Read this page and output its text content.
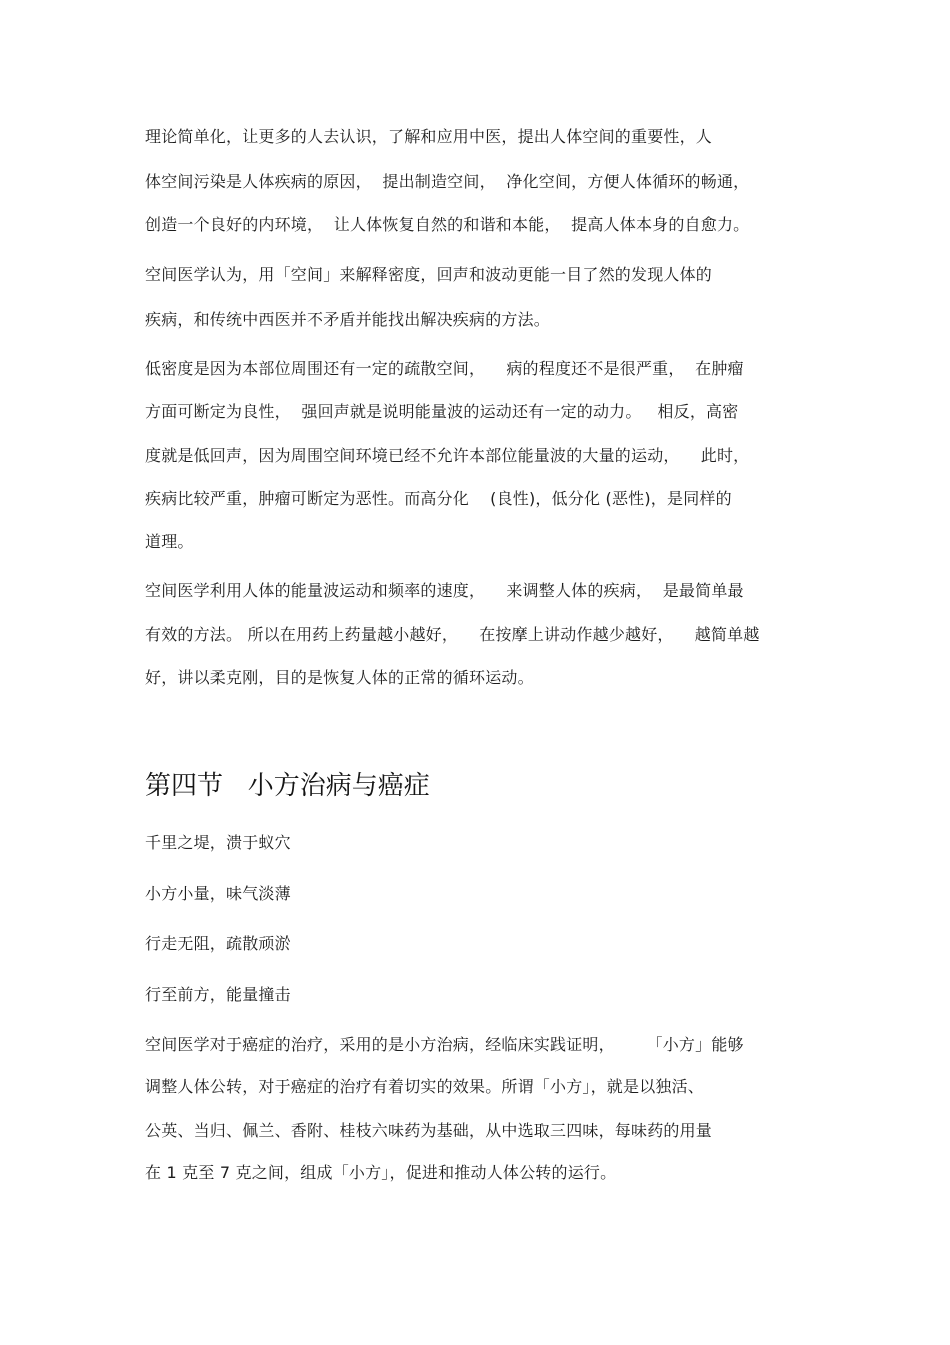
理论简单化，让更多的人去认识，了解和应用中医，提出人体空间的重要性，人
体空间污染是人体疾病的原因，  提出制造空间，  净化空间，方便人体循环的畅通，
创造一个良好的内环境，  让人体恢复自然的和谐和本能，  提高人体本身的自愈力。
空间医学认为，用「空间」来解释密度，回声和波动更能一目了然的发现人体的
疾病，和传统中西医并不矛盾并能找出解决疾病的方法。
低密度是因为本部位周围还有一定的疏散空间，    病的程度还不是很严重，  在肿瘤
方面可断定为良性，  强回声就是说明能量波的运动还有一定的动力。   相反，高密
度就是低回声，因为周围空间环境已经不允许本部位能量波的大量的运动，    此时，
疾病比较严重，肿瘤可断定为恶性。而高分化    (良性)，低分化 (恶性)，是同样的
道理。
空间医学利用人体的能量波运动和频率的速度，    来调整人体的疾病，  是最简单最
有效的方法。 所以在用药上药量越小越好，    在按摩上讲动作越少越好，    越简单越
好，讲以柔克刚，目的是恢复人体的正常的循环运动。
第四节   小方治病与癌症
千里之堤，溃于蚁穴
小方小量，味气淡薄
行走无阻，疏散顽淤
行至前方，能量撞击
空间医学对于癌症的治疗，采用的是小方治病，经临床实践证明，      「小方」能够
调整人体公转，对于癌症的治疗有着切实的效果。所谓「小方」，就是以独活、
公英、当归、佩兰、香附、桂枝六味药为基础，从中选取三四味，每味药的用量
在 1 克至 7 克之间，组成「小方」，促进和推动人体公转的运行。
